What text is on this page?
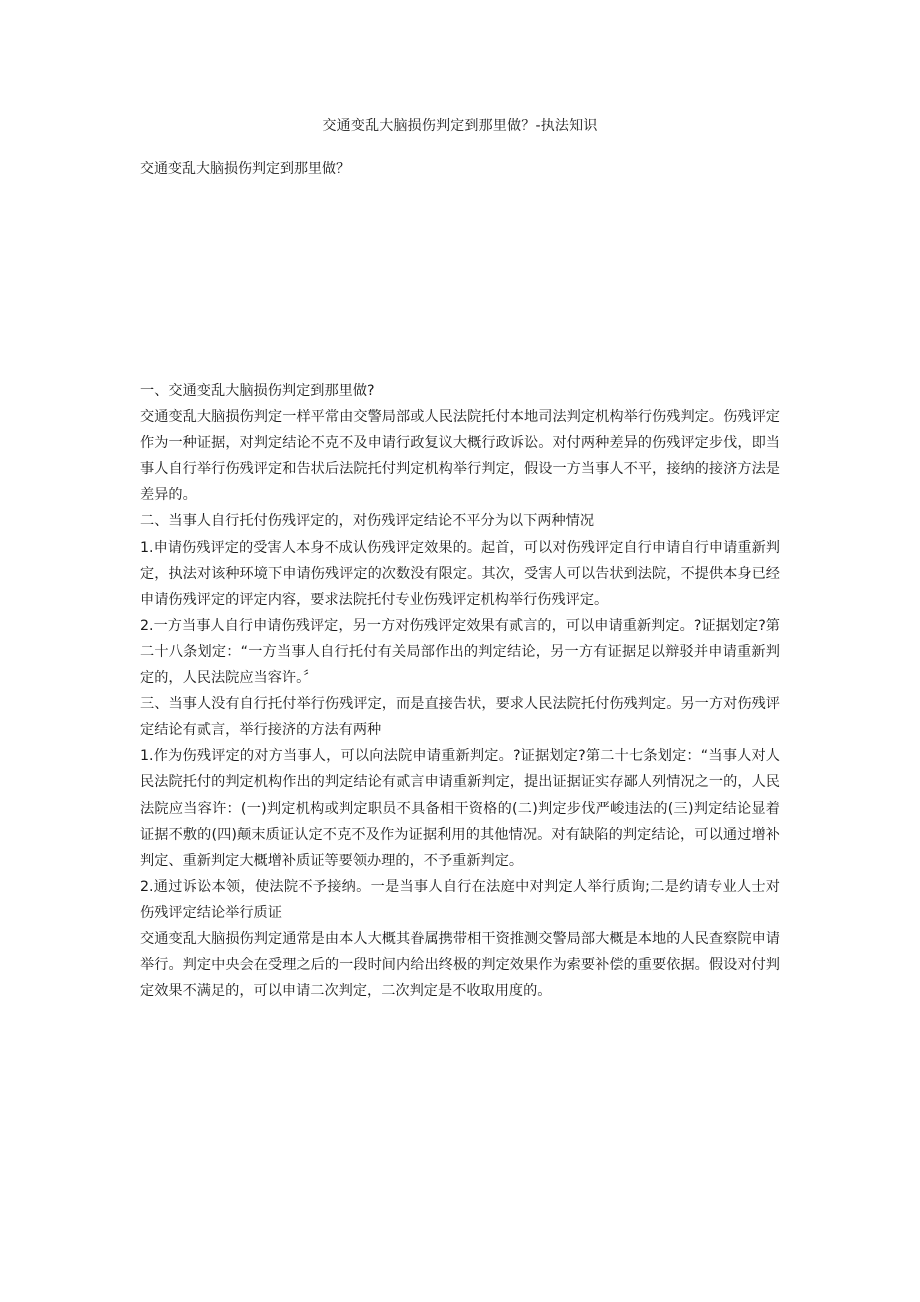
交通变乱大脑损伤判定到那里做？-执法知识
交通变乱大脑损伤判定到那里做？

一、交通变乱大脑损伤判定到那里做?

交通变乱大脑损伤判定一样平常由交警局部或人民法院托付本地司法判定机构举行伤残判定。伤残评定作为一种证据，对判定结论不克不及申请行政复议大概行政诉讼。对付两种差异的伤残评定步伐，即当事人自行举行伤残评定和告状后法院托付判定机构举行判定，假设一方当事人不平，接纳的接济方法是差异的。

二、当事人自行托付伤残评定的，对伤残评定结论不平分为以下两种情况

1.申请伤残评定的受害人本身不成认伤残评定效果的。起首，可以对伤残评定自行申请自行申请重新判定，执法对该种环境下申请伤残评定的次数没有限定。其次，受害人可以告状到法院，不提供本身已经申请伤残评定的评定内容，要求法院托付专业伤残评定机构举行伤残评定。

2.一方当事人自行申请伤残评定，另一方对伤残评定效果有贰言的，可以申请重新判定。?证据划定?第二十八条划定：“一方当事人自行托付有关局部作出的判定结论，另一方有证据足以辩驳并申请重新判定的，人民法院应当容许。〞

三、当事人没有自行托付举行伤残评定，而是直接告状，要求人民法院托付伤残判定。另一方对伤残评定结论有贰言，举行接济的方法有两种

1.作为伤残评定的对方当事人，可以向法院申请重新判定。?证据划定?第二十七条划定：“当事人对人民法院托付的判定机构作出的判定结论有贰言申请重新判定，提出证据证实存鄙人列情况之一的，人民法院应当容许：(一)判定机构或判定职员不具备相干资格的(二)判定步伐严峻违法的(三)判定结论显着证据不敷的(四)颠末质证认定不克不及作为证据利用的其他情况。对有缺陷的判定结论，可以通过增补判定、重新判定大概增补质证等要领办理的，不予重新判定。

2.通过诉讼本领，使法院不予接纳。一是当事人自行在法庭中对判定人举行质询;二是约请专业人士对伤残评定结论举行质证

交通变乱大脑损伤判定通常是由本人大概其眷属携带相干资推测交警局部大概是本地的人民查察院申请举行。判定中央会在受理之后的一段时间内给出终极的判定效果作为索要补偿的重要依据。假设对付判定效果不满足的，可以申请二次判定，二次判定是不收取用度的。
